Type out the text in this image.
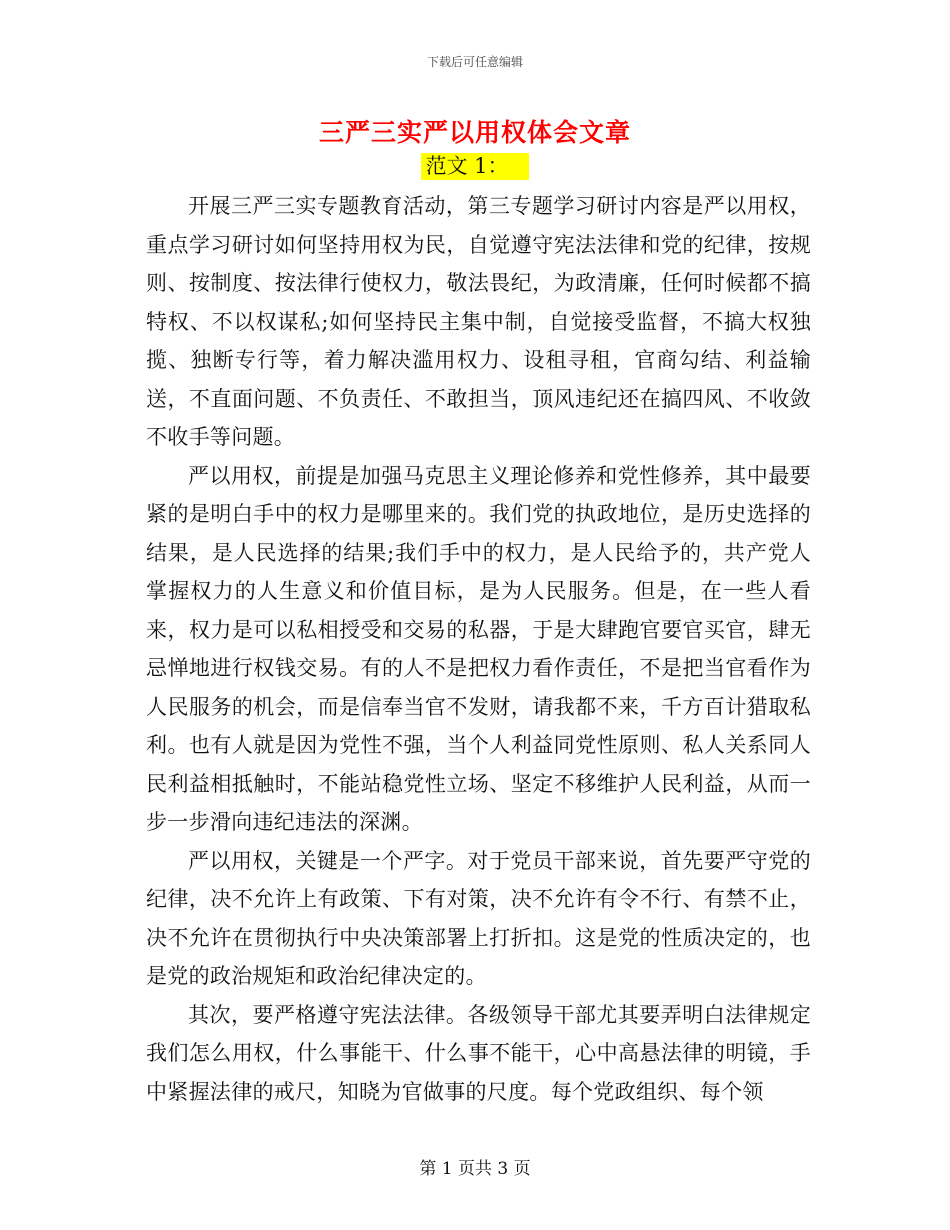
下载后可任意编辑
三严三实严以用权体会文章
范文 1：

开展三严三实专题教育活动，第三专题学习研讨内容是严以用权，重点学习研讨如何坚持用权为民，自觉遵守宪法法律和党的纪律，按规则、按制度、按法律行使权力，敬法畏纪，为政清廉，任何时候都不搞特权、不以权谋私;如何坚持民主集中制，自觉接受监督，不搞大权独揽、独断专行等，着力解决滥用权力、设租寻租，官商勾结、利益输送，不直面问题、不负责任、不敢担当，顶风违纪还在搞四风、不收敛不收手等问题。

严以用权，前提是加强马克思主义理论修养和党性修养，其中最要紧的是明白手中的权力是哪里来的。我们党的执政地位，是历史选择的结果，是人民选择的结果;我们手中的权力，是人民给予的，共产党人掌握权力的人生意义和价值目标，是为人民服务。但是，在一些人看来，权力是可以私相授受和交易的私器，于是大肆跑官要官买官，肆无忌惮地进行权钱交易。有的人不是把权力看作责任，不是把当官看作为人民服务的机会，而是信奉当官不发财，请我都不来，千方百计猎取私利。也有人就是因为党性不强，当个人利益同党性原则、私人关系同人民利益相抵触时，不能站稳党性立场、坚定不移维护人民利益，从而一步一步滑向违纪违法的深渊。

严以用权，关键是一个严字。对于党员干部来说，首先要严守党的纪律，决不允许上有政策、下有对策，决不允许有令不行、有禁不止，决不允许在贯彻执行中央决策部署上打折扣。这是党的性质决定的，也是党的政治规矩和政治纪律决定的。

其次，要严格遵守宪法法律。各级领导干部尤其要弄明白法律规定我们怎么用权，什么事能干、什么事不能干，心中高悬法律的明镜，手中紧握法律的戒尺，知晓为官做事的尺度。每个党政组织、每个领

第 1 页共 3 页
